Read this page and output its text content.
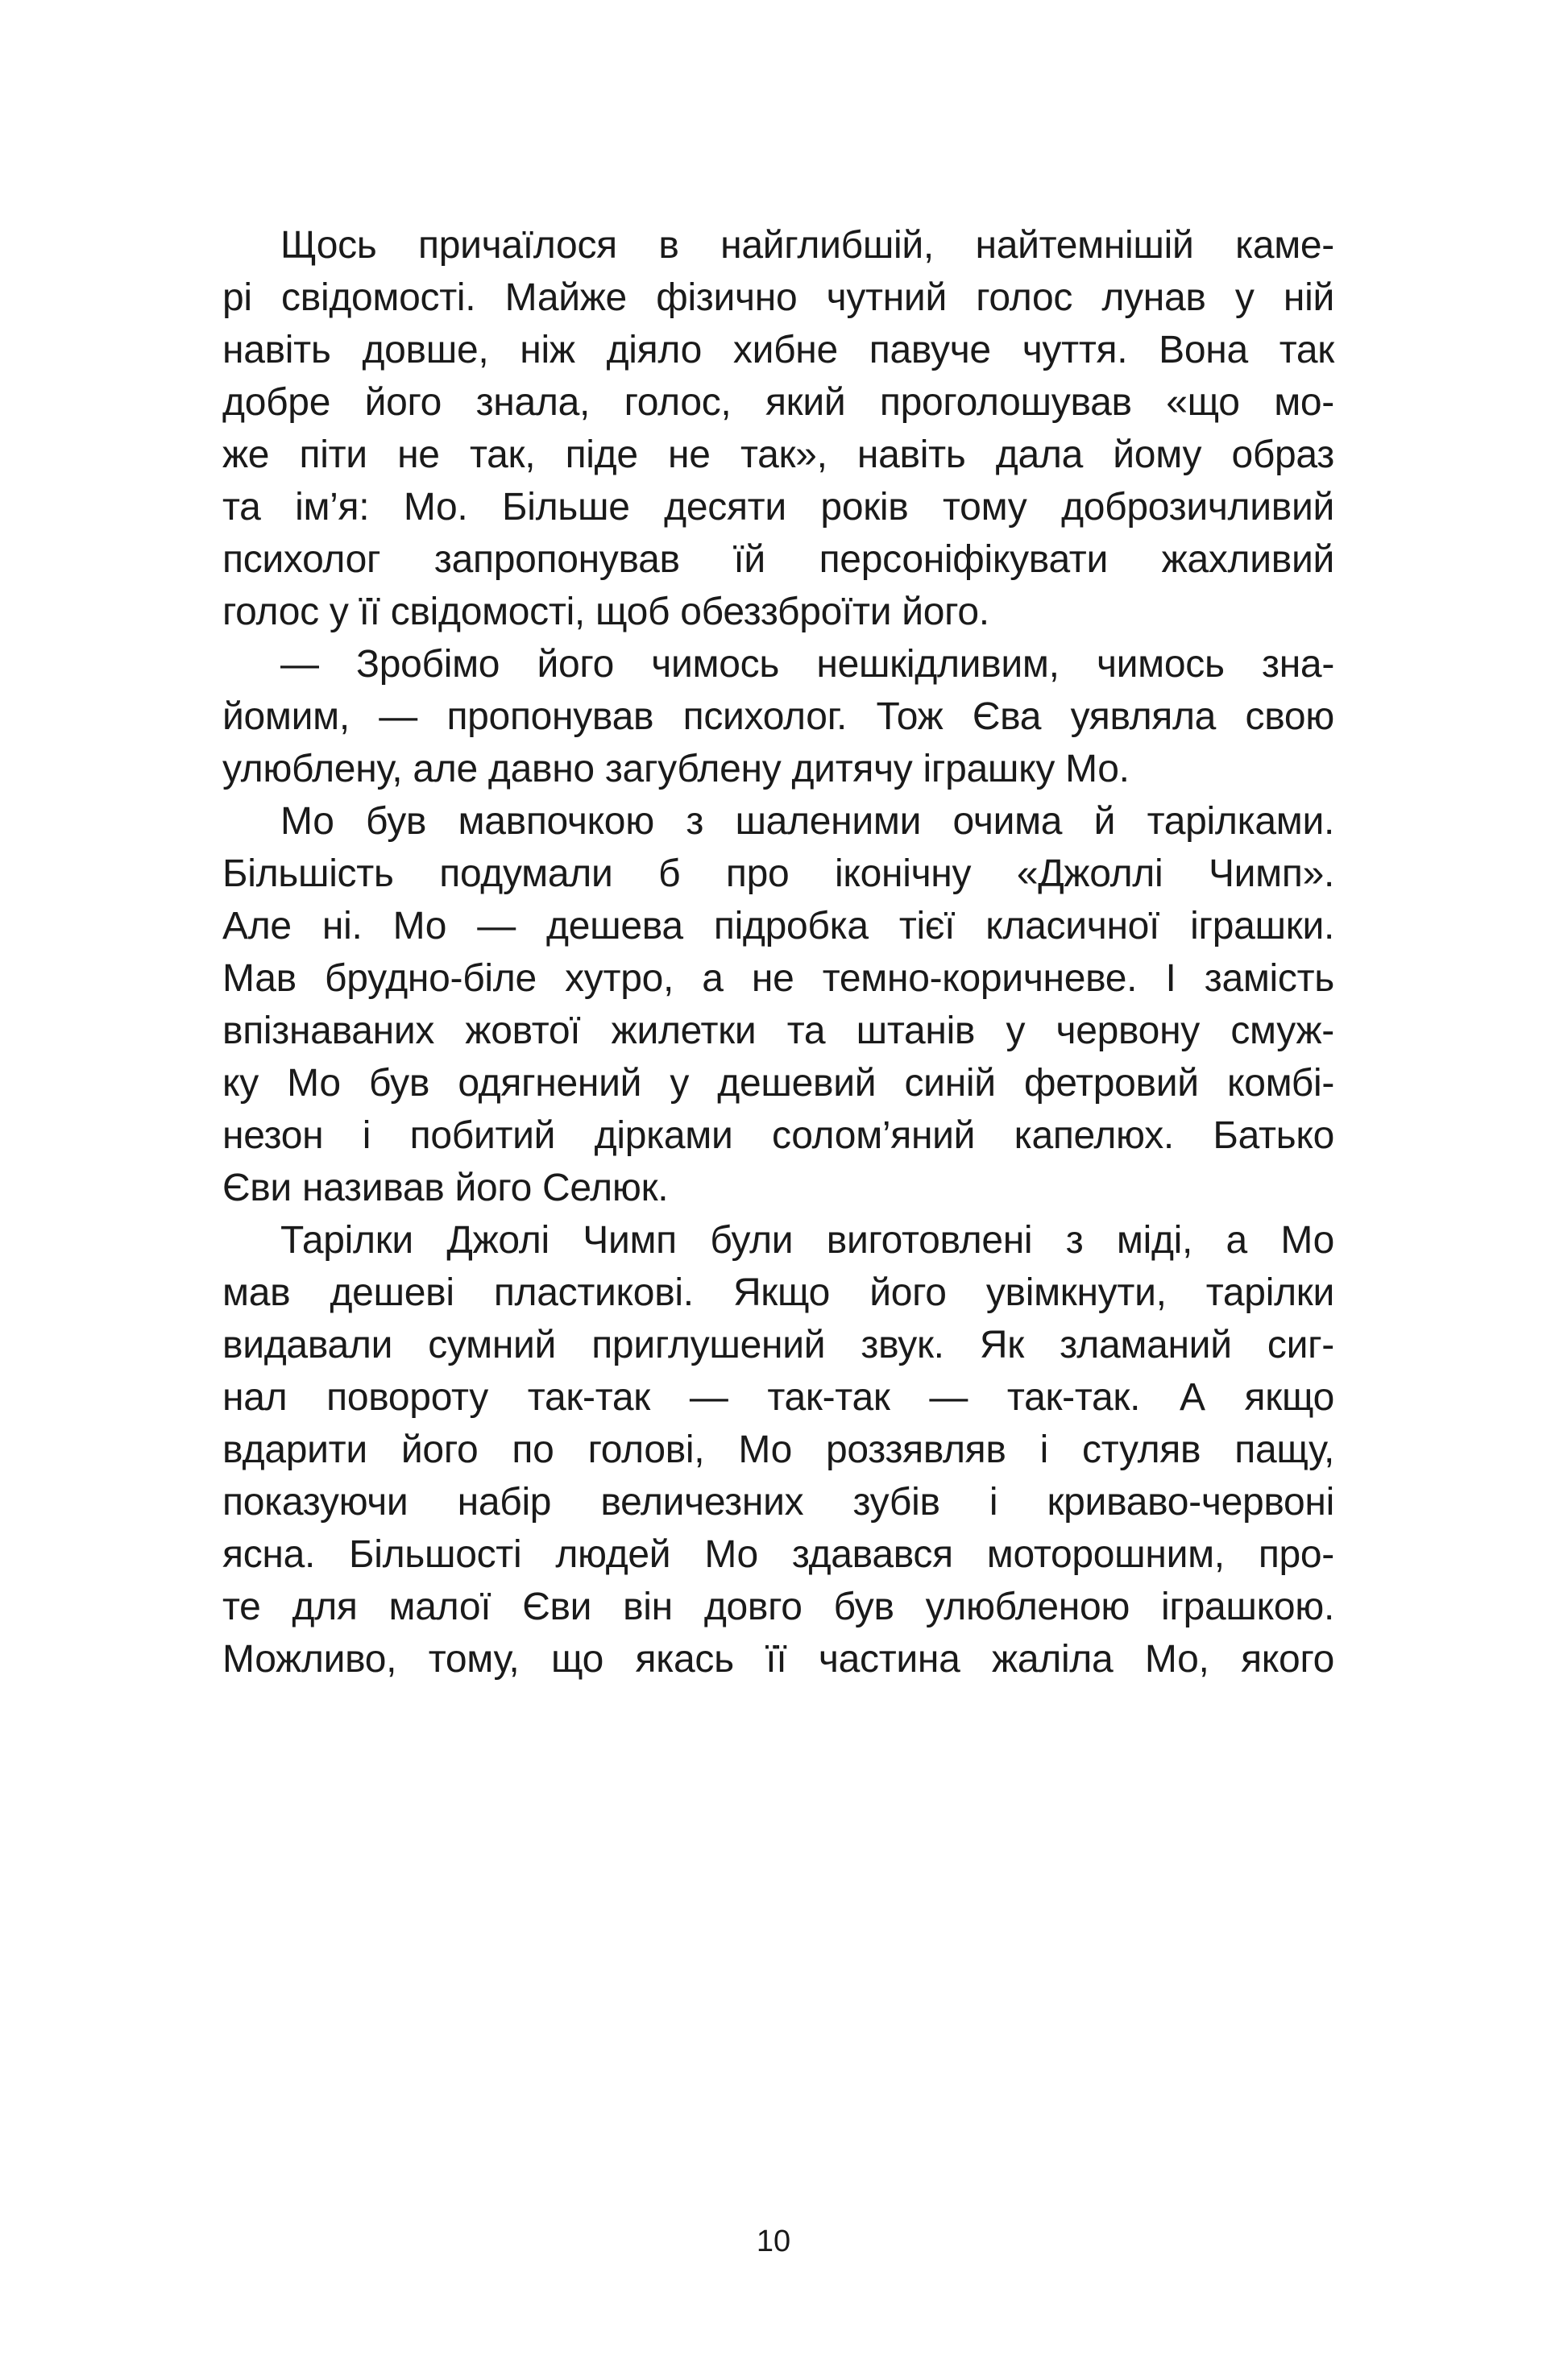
Щось причаїлося в найглибшій, найтемнішій каме-
рі свідомості. Майже фізично чутний голос лунав у ній
навіть довше, ніж діяло хибне павуче чуття. Вона так
добре його знала, голос, який проголошував «що мо-
же піти не так, піде не так», навіть дала йому образ
та ім’я: Мо. Більше десяти років тому доброзичливий
психолог запропонував їй персоніфікувати жахливий
голос у її свідомості, щоб обеззброїти його.
— Зробімо його чимось нешкідливим, чимось зна-
йомим, — пропонував психолог. Тож Єва уявляла свою
улюблену, але давно загублену дитячу іграшку Мо.
Мо був мавпочкою з шаленими очима й тарілками.
Більшість подумали б про іконічну «Джоллі Чимп».
Але ні. Мо — дешева підробка тієї класичної іграшки.
Мав брудно-біле хутро, а не темно-коричневе. І замість
впізнаваних жовтої жилетки та штанів у червону смуж-
ку Мо був одягнений у дешевий синій фетровий комбі-
незон і побитий дірками солом’яний капелюх. Батько
Єви називав його Селюк.
Тарілки Джолі Чимп були виготовлені з міді, а Мо
мав дешеві пластикові. Якщо його увімкнути, тарілки
видавали сумний приглушений звук. Як зламаний сиг-
нал повороту так-так — так-так — так-так. А якщо
вдарити його по голові, Мо роззявляв і стуляв пащу,
показуючи набір величезних зубів і криваво-червоні
ясна. Більшості людей Мо здавався моторошним, про-
те для малої Єви він довго був улюбленою іграшкою.
Можливо, тому, що якась її частина жаліла Мо, якого
10
